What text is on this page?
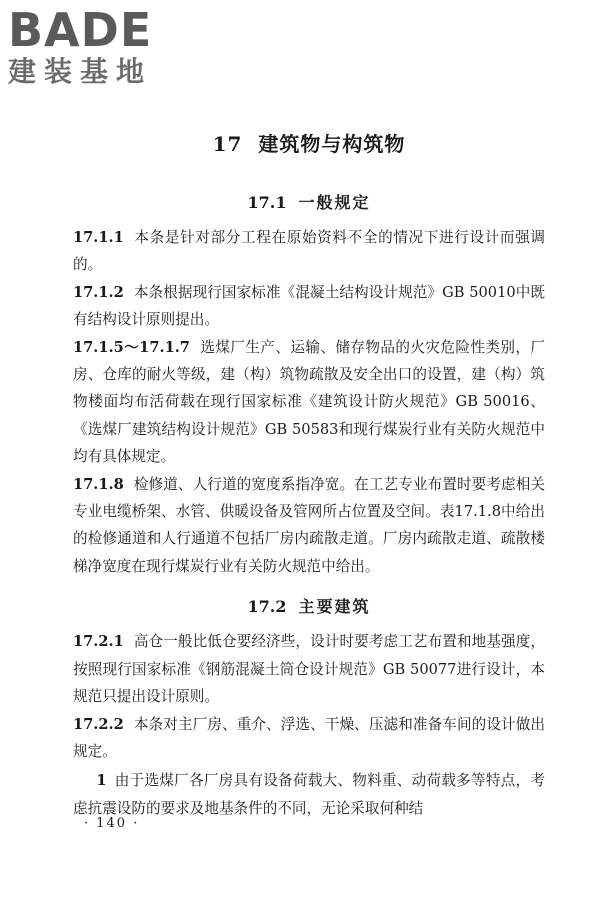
BADE
建装基地
17 建筑物与构筑物
17.1 一般规定

17.1.1 本条是针对部分工程在原始资料不全的情况下进行设计而强调的。

17.1.2 本条根据现行国家标准《混凝土结构设计规范》GB 50010中既有结构设计原则提出。

17.1.5～17.1.7 选煤厂生产、运输、储存物品的火灾危险性类别，厂房、仓库的耐火等级，建（构）筑物疏散及安全出口的设置，建（构）筑物楼面均布活荷载在现行国家标准《建筑设计防火规范》GB 50016、《选煤厂建筑结构设计规范》GB 50583和现行煤炭行业有关防火规范中均有具体规定。

17.1.8 检修道、人行道的宽度系指净宽。在工艺专业布置时要考虑相关专业电缆桥架、水管、供暖设备及管网所占位置及空间。表17.1.8中给出的检修通道和人行通道不包括厂房内疏散走道。厂房内疏散走道、疏散楼梯净宽度在现行煤炭行业有关防火规范中给出。

17.2 主要建筑

17.2.1 高仓一般比低仓要经济些，设计时要考虑工艺布置和地基强度，按照现行国家标准《钢筋混凝土筒仓设计规范》GB 50077进行设计，本规范只提出设计原则。

17.2.2 本条对主厂房、重介、浮选、干燥、压滤和准备车间的设计做出规定。

1 由于选煤厂各厂房具有设备荷载大、物料重、动荷载多等特点，考虑抗震设防的要求及地基条件的不同，无论采取何种结

· 140 ·
